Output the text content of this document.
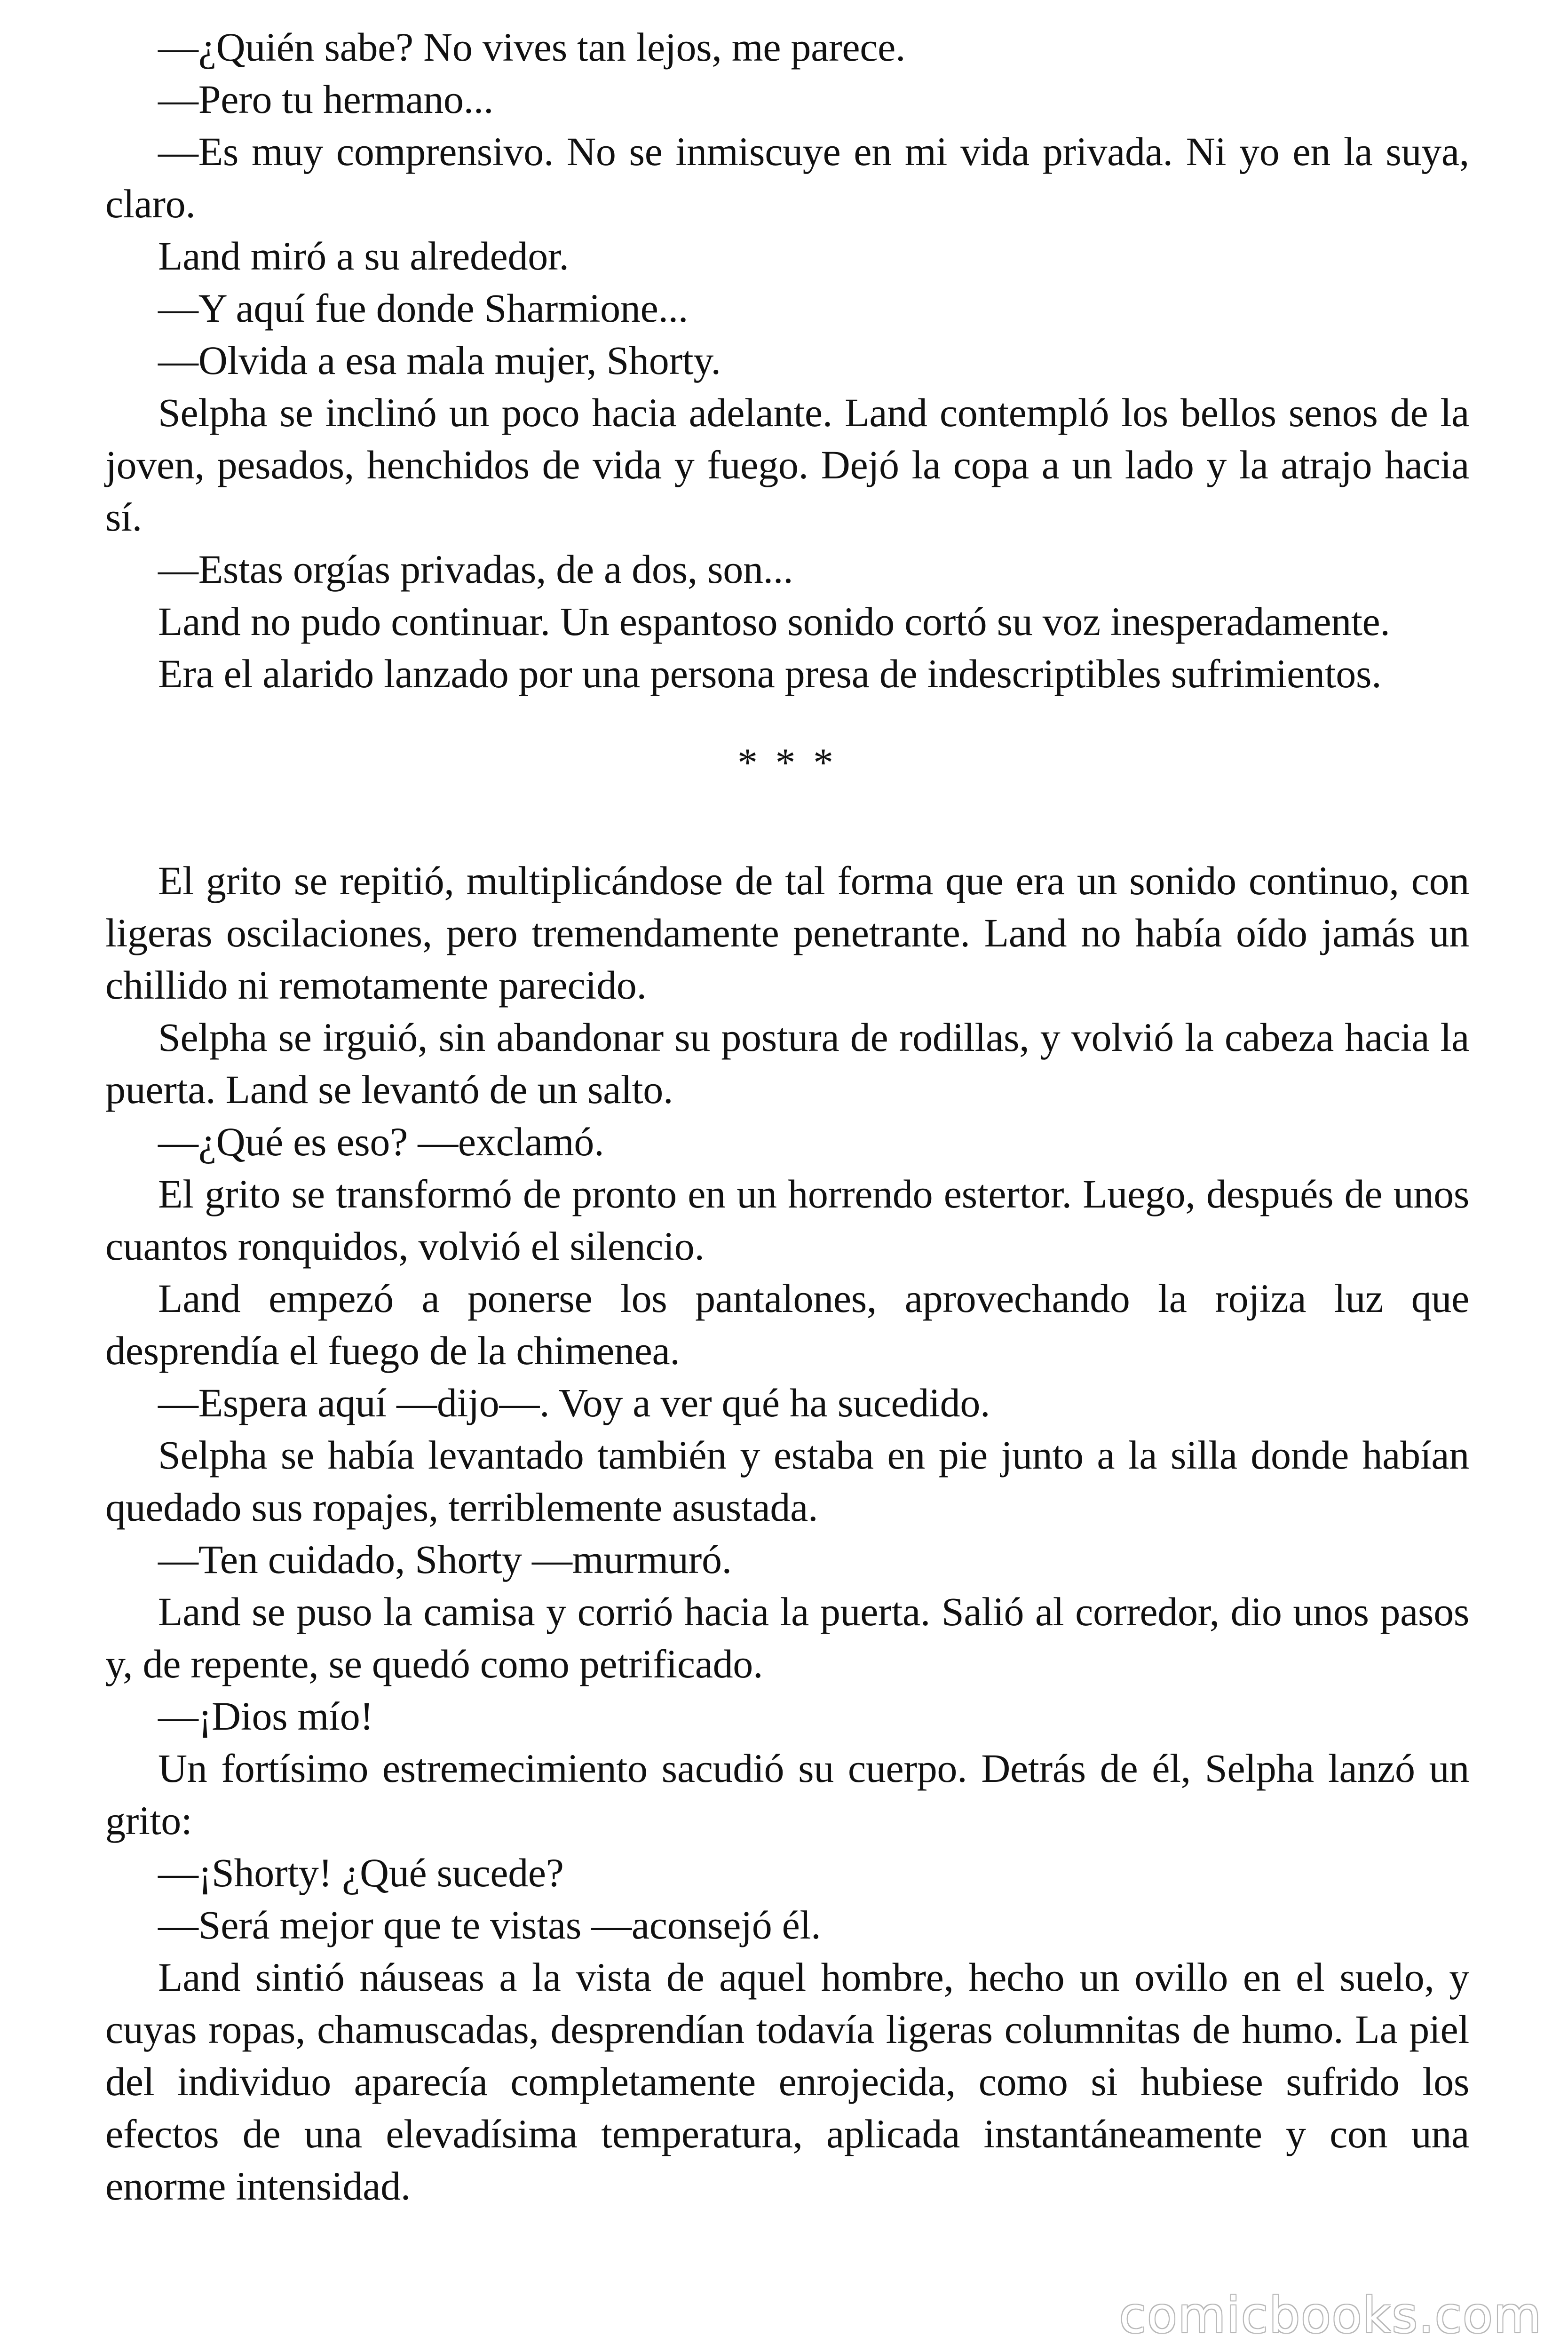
—¿Quién sabe? No vives tan lejos, me parece.

—Pero tu hermano...

—Es muy comprensivo. No se inmiscuye en mi vida privada. Ni yo en la suya, claro.

Land miró a su alrededor.

—Y aquí fue donde Sharmione...

—Olvida a esa mala mujer, Shorty.

Selpha se inclinó un poco hacia adelante. Land contempló los bellos senos de la joven, pesados, henchidos de vida y fuego. Dejó la copa a un lado y la atrajo hacia sí.

—Estas orgías privadas, de a dos, son...

Land no pudo continuar. Un espantoso sonido cortó su voz inesperadamente.

Era el alarido lanzado por una persona presa de indescriptibles sufrimientos.

* * *

El grito se repitió, multiplicándose de tal forma que era un sonido continuo, con ligeras oscilaciones, pero tremendamente penetrante. Land no había oído jamás un chillido ni remotamente parecido.

Selpha se irguió, sin abandonar su postura de rodillas, y volvió la cabeza hacia la puerta. Land se levantó de un salto.

—¿Qué es eso? —exclamó.

El grito se transformó de pronto en un horrendo estertor. Luego, después de unos cuantos ronquidos, volvió el silencio.

Land empezó a ponerse los pantalones, aprovechando la rojiza luz que desprendía el fuego de la chimenea.

—Espera aquí —dijo—. Voy a ver qué ha sucedido.

Selpha se había levantado también y estaba en pie junto a la silla donde habían quedado sus ropajes, terriblemente asustada.

—Ten cuidado, Shorty —murmuró.

Land se puso la camisa y corrió hacia la puerta. Salió al corredor, dio unos pasos y, de repente, se quedó como petrificado.

—¡Dios mío!

Un fortísimo estremecimiento sacudió su cuerpo. Detrás de él, Selpha lanzó un grito:

—¡Shorty! ¿Qué sucede?

—Será mejor que te vistas —aconsejó él.

Land sintió náuseas a la vista de aquel hombre, hecho un ovillo en el suelo, y cuyas ropas, chamuscadas, desprendían todavía ligeras columnitas de humo. La piel del individuo aparecía completamente enrojecida, como si hubiese sufrido los efectos de una elevadísima temperatura, aplicada instantáneamente y con una enorme intensidad.

comicbooks.com
